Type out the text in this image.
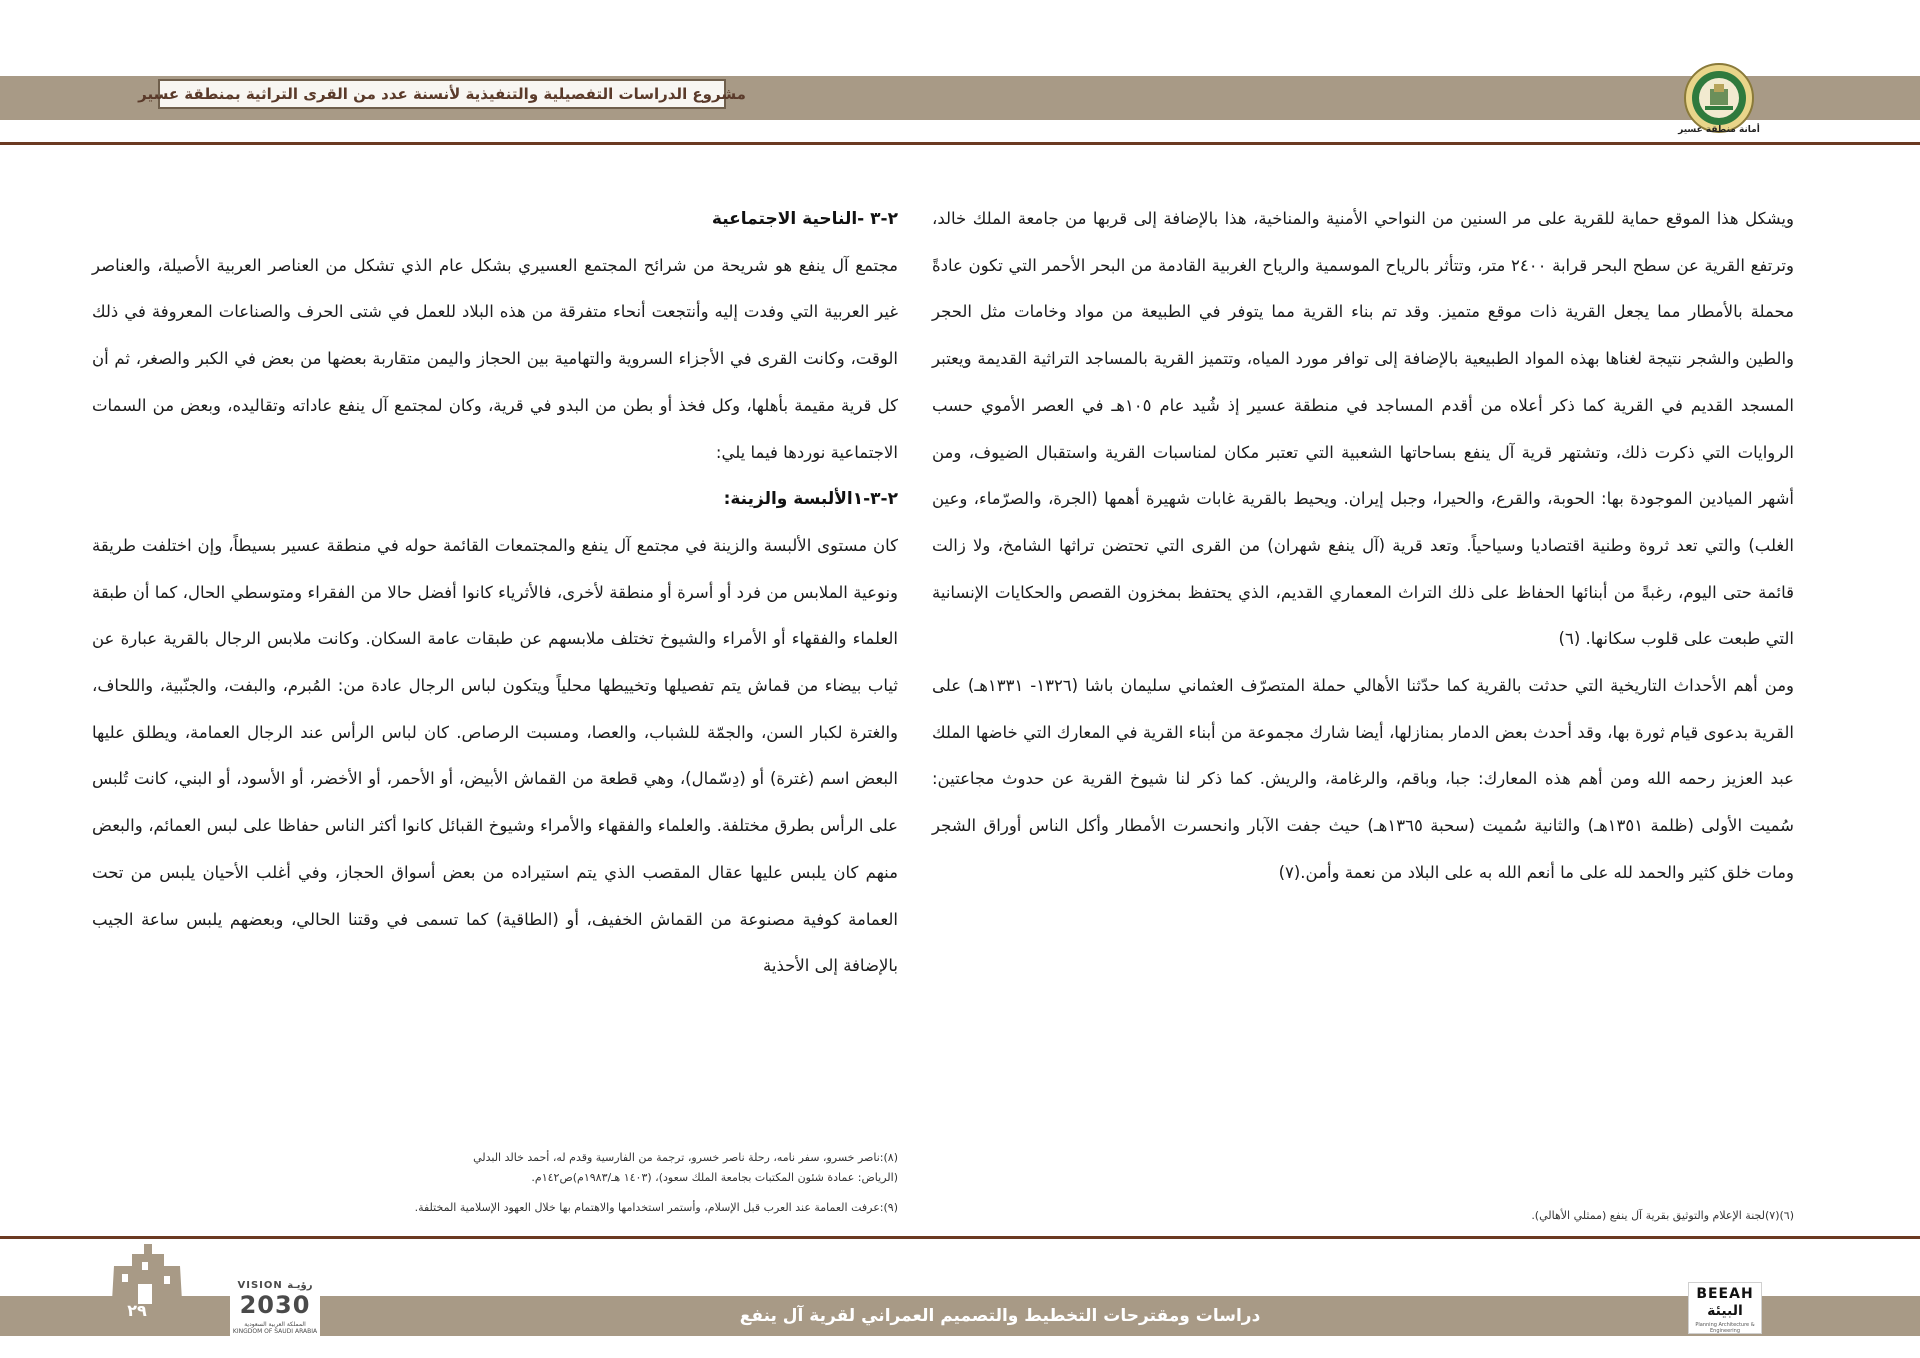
مشروع الدراسات التفصيلية والتنفيذية لأنسنة عدد من القرى التراثية بمنطقة عسير
أمانة منطقة عسير

ويشكل هذا الموقع حماية للقرية على مر السنين من النواحي الأمنية والمناخية، هذا بالإضافة إلى قربها من جامعة الملك خالد، وترتفع القرية عن سطح البحر قرابة ٢٤٠٠ متر، وتتأثر بالرياح الموسمية والرياح الغربية القادمة من البحر الأحمر التي تكون عادةً محملة بالأمطار مما يجعل القرية ذات موقع متميز. وقد تم بناء القرية مما يتوفر في الطبيعة من مواد وخامات مثل الحجر والطين والشجر نتيجة لغناها بهذه المواد الطبيعية بالإضافة إلى توافر مورد المياه، وتتميز القرية بالمساجد التراثية القديمة ويعتبر المسجد القديم في القرية كما ذكر أعلاه من أقدم المساجد في منطقة عسير إذ شُيد عام ١٠٥هـ في العصر الأموي حسب الروايات التي ذكرت ذلك، وتشتهر قرية آل ينفع بساحاتها الشعبية التي تعتبر مكان لمناسبات القرية واستقبال الضيوف، ومن أشهر الميادين الموجودة بها: الحوبة، والقرع، والحيرا، وجبل إيران. ويحيط بالقرية غابات شهيرة أهمها (الجرة، والصرّماء، وعين الغلب) والتي تعد ثروة وطنية اقتصاديا وسياحياً. وتعد قرية (آل ينفع شهران) من القرى التي تحتضن تراثها الشامخ، ولا زالت قائمة حتى اليوم، رغبةً من أبنائها الحفاظ على ذلك التراث المعماري القديم، الذي يحتفظ بمخزون القصص والحكايات الإنسانية التي طبعت على قلوب سكانها. (٦)

ومن أهم الأحداث التاريخية التي حدثت بالقرية كما حدّثنا الأهالي حملة المتصرّف العثماني سليمان باشا (١٣٢٦- ١٣٣١هـ) على القرية بدعوى قيام ثورة بها، وقد أحدث بعض الدمار بمنازلها، أيضا شارك مجموعة من أبناء القرية في المعارك التي خاضها الملك عبد العزيز رحمه الله ومن أهم هذه المعارك: جبا، وباقم، والرغامة، والريش. كما ذكر لنا شيوخ القرية عن حدوث مجاعتين: سُميت الأولى (ظلمة ١٣٥١هـ) والثانية سُميت (سحبة ١٣٦٥هـ) حيث جفت الآبار وانحسرت الأمطار وأكل الناس أوراق الشجر ومات خلق كثير والحمد لله على ما أنعم الله به على البلاد من نعمة وأمن.(٧)

٢-٣ -الناحية الاجتماعية

مجتمع آل ينفع هو شريحة من شرائح المجتمع العسيري بشكل عام الذي تشكل من العناصر العربية الأصيلة، والعناصر غير العربية التي وفدت إليه وأنتجعت أنحاء متفرقة من هذه البلاد للعمل في شتى الحرف والصناعات المعروفة في ذلك الوقت، وكانت القرى في الأجزاء السروية والتهامية بين الحجاز واليمن متقاربة بعضها من بعض في الكبر والصغر، ثم أن كل قرية مقيمة بأهلها، وكل فخذ أو بطن من البدو في قرية، وكان لمجتمع آل ينفع عاداته وتقاليده، وبعض من السمات الاجتماعية نوردها فيما يلي:

٢-٣-١الألبسة والزينة:

كان مستوى الألبسة والزينة في مجتمع آل ينفع والمجتمعات القائمة حوله في منطقة عسير بسيطاً، وإن اختلفت طريقة ونوعية الملابس من فرد أو أسرة أو منطقة لأخرى، فالأثرياء كانوا أفضل حالا من الفقراء ومتوسطي الحال، كما أن طبقة العلماء والفقهاء أو الأمراء والشيوخ تختلف ملابسهم عن طبقات عامة السكان. وكانت ملابس الرجال بالقرية عبارة عن ثياب بيضاء من قماش يتم تفصيلها وتخييطها محلياً ويتكون لباس الرجال عادة من: المُبرم، والبفت، والجنّبية، واللحاف، والغترة لكبار السن، والجمّة للشباب، والعصا، ومسبت الرصاص. كان لباس الرأس عند الرجال العمامة، ويطلق عليها البعض اسم (غترة) أو (دِسّمال)، وهي قطعة من القماش الأبيض، أو الأحمر، أو الأخضر، أو الأسود، أو البني، كانت تُلبس على الرأس بطرق مختلفة. والعلماء والفقهاء والأمراء وشيوخ القبائل كانوا أكثر الناس حفاظا على لبس العمائم، والبعض منهم كان يلبس عليها عقال المقصب الذي يتم استيراده من بعض أسواق الحجاز، وفي أغلب الأحيان يلبس من تحت العمامة كوفية مصنوعة من القماش الخفيف، أو (الطاقية) كما تسمى في وقتنا الحالي، وبعضهم يلبس ساعة الجيب بالإضافة إلى الأحذية

(٨):ناصر خسرو، سفر نامه، رحلة ناصر خسرو، ترجمة من الفارسية وقدم له، أحمد خالد البدلي

(الرياض: عمادة شئون المكتبات بجامعة الملك سعود)، (١٤٠٣ هـ/١٩٨٣م)ص١٤٢م.

(٩):عرفت العمامة عند العرب قبل الإسلام، وأستمر استخدامها والاهتمام بها خلال العهود الإسلامية المختلفة.

(٦)(٧)لجنة الإعلام والتوثيق بقرية آل ينفع (ممثلي الأهالي).

٢٩
VISION رؤيـة
2030
المملكة العربية السعودية KINGDOM OF SAUDI ARABIA
دراسات ومقترحات التخطيط والتصميم العمراني لقرية آل ينفع
BEEAH
البيئة
Planning Architecture & Engineering
